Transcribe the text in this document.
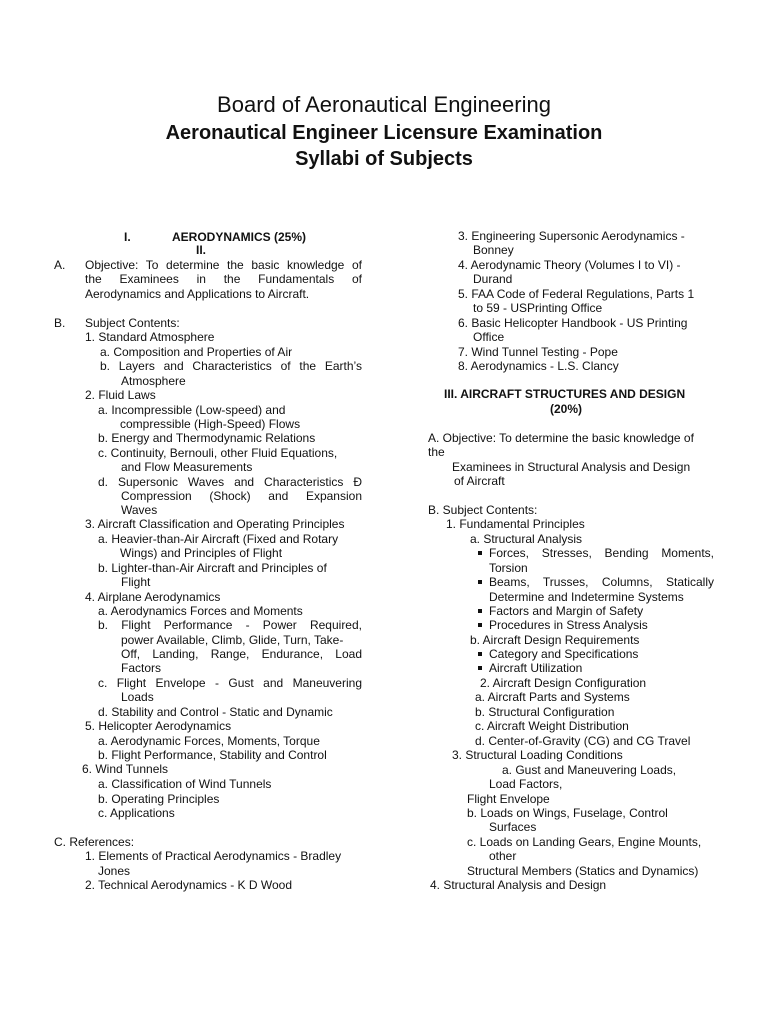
Board of Aeronautical Engineering
Aeronautical Engineer Licensure Examination
Syllabi of Subjects
I.	AERODYNAMICS (25%)
II.
A. Objective: To determine the basic knowledge of
the Examinees in the Fundamentals of
Aerodynamics and Applications to Aircraft.
B. Subject Contents:
1. Standard Atmosphere
a. Composition and Properties of Air
b. Layers and Characteristics of the Earth’s
Atmosphere
2. Fluid Laws
a. Incompressible (Low-speed) and
compressible (High-Speed) Flows
b. Energy and Thermodynamic Relations
c. Continuity, Bernouli, other Fluid Equations,
and Flow Measurements
d. Supersonic Waves and Characteristics Đ
Compression (Shock) and Expansion
Waves
3. Aircraft Classification and Operating Principles
a. Heavier-than-Air Aircraft (Fixed and Rotary
Wings) and Principles of Flight
b. Lighter-than-Air Aircraft and Principles of
Flight
4. Airplane Aerodynamics
a. Aerodynamics Forces and Moments
b. Flight Performance - Power Required,
power Available, Climb, Glide, Turn, Take-
Off, Landing, Range, Endurance, Load
Factors
c. Flight Envelope - Gust and Maneuvering
Loads
d. Stability and Control - Static and Dynamic
5. Helicopter Aerodynamics
a. Aerodynamic Forces, Moments, Torque
b. Flight Performance, Stability and Control
6. Wind Tunnels
a. Classification of Wind Tunnels
b. Operating Principles
c. Applications
C. References:
1. Elements of Practical Aerodynamics - Bradley
Jones
2. Technical Aerodynamics - K D Wood
3. Engineering Supersonic Aerodynamics -
Bonney
4. Aerodynamic Theory (Volumes I to VI) -
Durand
5. FAA Code of Federal Regulations, Parts 1
to 59 - USPrinting Office
6. Basic Helicopter Handbook - US Printing
Office
7. Wind Tunnel Testing - Pope
8. Aerodynamics - L.S. Clancy
III. AIRCRAFT STRUCTURES AND DESIGN
(20%)
A. Objective: To determine the basic knowledge of
the
Examinees in Structural Analysis and Design
of Aircraft
B. Subject Contents:
1. Fundamental Principles
a. Structural Analysis
Forces, Stresses, Bending Moments,
Torsion
Beams, Trusses, Columns, Statically
Determine and Indetermine Systems
Factors and Margin of Safety
Procedures in Stress Analysis
b. Aircraft Design Requirements
Category and Specifications
Aircraft Utilization
2. Aircraft Design Configuration
a. Aircraft Parts and Systems
b. Structural Configuration
c. Aircraft Weight Distribution
d. Center-of-Gravity (CG) and CG Travel
3. Structural Loading Conditions
a. Gust and Maneuvering Loads,
Load Factors,
Flight Envelope
b. Loads on Wings, Fuselage, Control
Surfaces
c. Loads on Landing Gears, Engine Mounts,
other
Structural Members (Statics and Dynamics)
4. Structural Analysis and Design
